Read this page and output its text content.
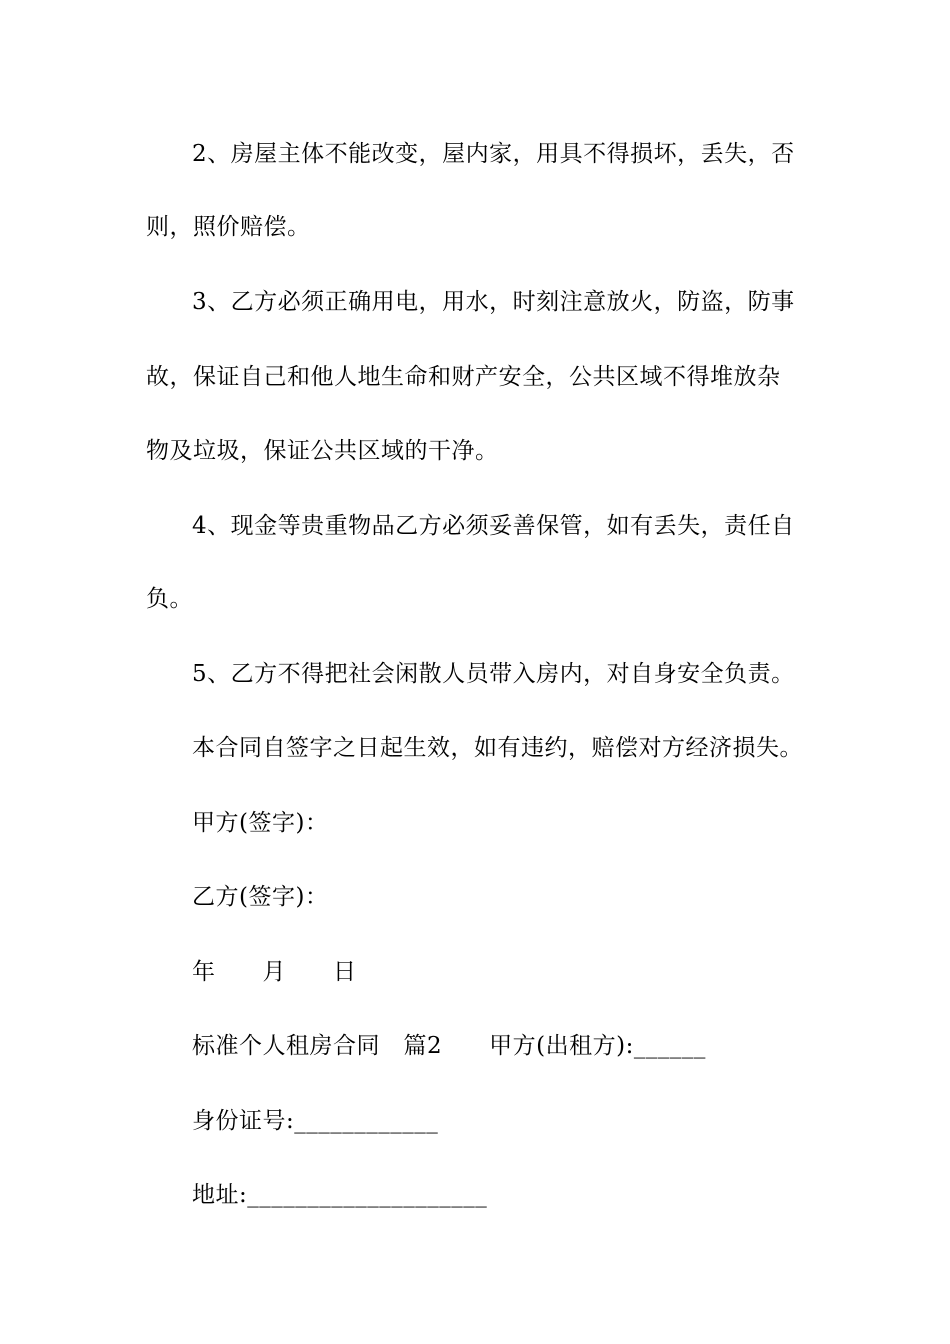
2、房屋主体不能改变，屋内家，用具不得损坏，丢失，否
则，照价赔偿。
3、乙方必须正确用电，用水，时刻注意放火，防盗，防事
故，保证自己和他人地生命和财产安全，公共区域不得堆放杂
物及垃圾，保证公共区域的干净。
4、现金等贵重物品乙方必须妥善保管，如有丢失，责任自
负。
5、乙方不得把社会闲散人员带入房内，对自身安全负责。
本合同自签字之日起生效，如有违约，赔偿对方经济损失。
甲方(签字)：
乙方(签字)：
年　　月　　日
标准个人租房合同　篇2　　甲方(出租方):______
身份证号:____________
地址:____________________
